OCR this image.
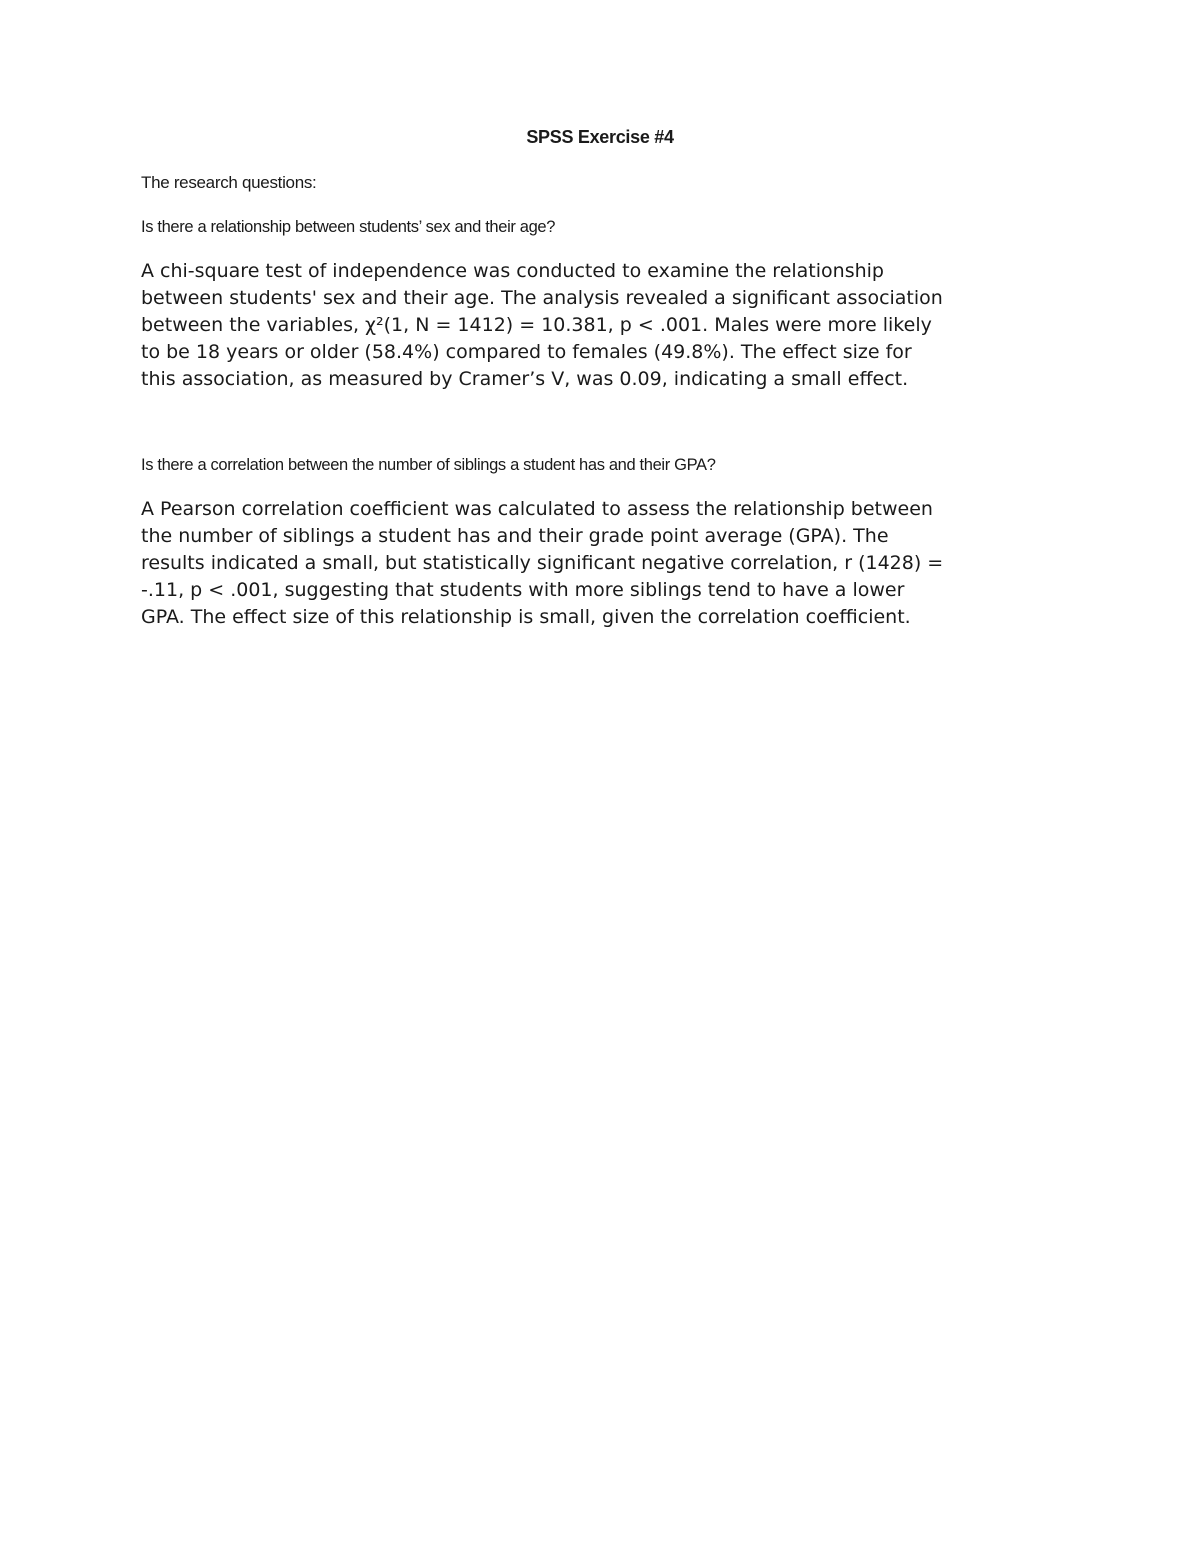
SPSS Exercise #4

The research questions:

Is there a relationship between students’ sex and their age?

A chi-square test of independence was conducted to examine the relationship
between students' sex and their age. The analysis revealed a significant association
between the variables, χ²(1, N = 1412) = 10.381, p < .001. Males were more likely
to be 18 years or older (58.4%) compared to females (49.8%). The effect size for
this association, as measured by Cramer’s V, was 0.09, indicating a small effect.

Is there a correlation between the number of siblings a student has and their GPA?

A Pearson correlation coefficient was calculated to assess the relationship between
the number of siblings a student has and their grade point average (GPA). The
results indicated a small, but statistically significant negative correlation, r (1428) =
-.11, p < .001, suggesting that students with more siblings tend to have a lower
GPA. The effect size of this relationship is small, given the correlation coefficient.
